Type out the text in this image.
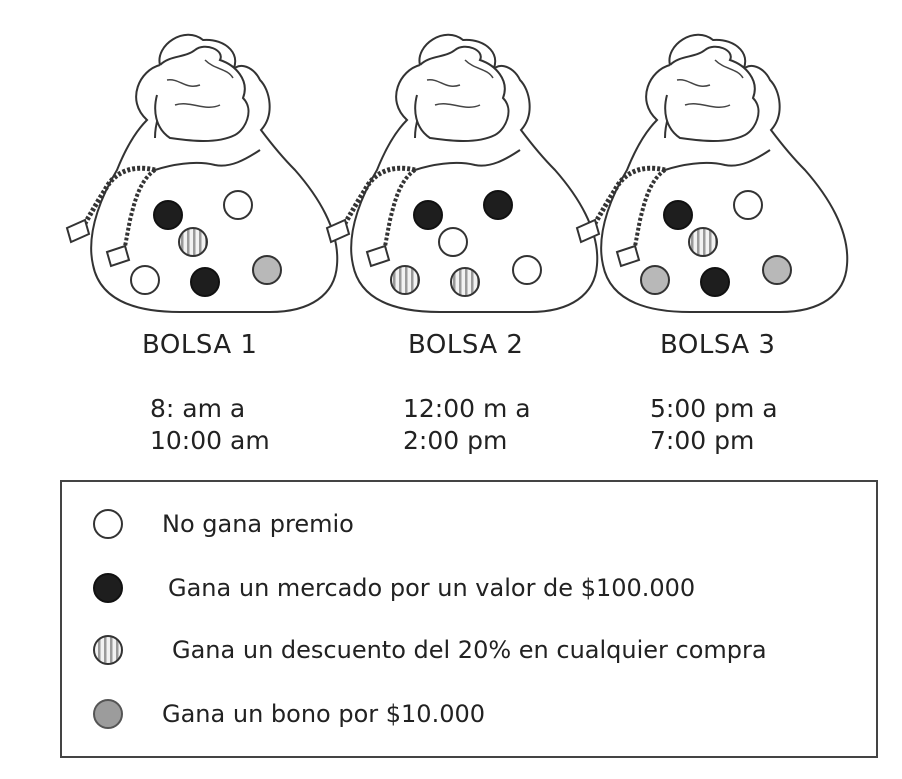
BOLSA 1	BOLSA 2	BOLSA 3
8: am a
10:00 am
12:00 m a
2:00 pm
5:00 pm a
7:00 pm
No gana premio
Gana un mercado por un valor de $100.000
Gana un descuento del 20% en cualquier compra
Gana un bono por $10.000
